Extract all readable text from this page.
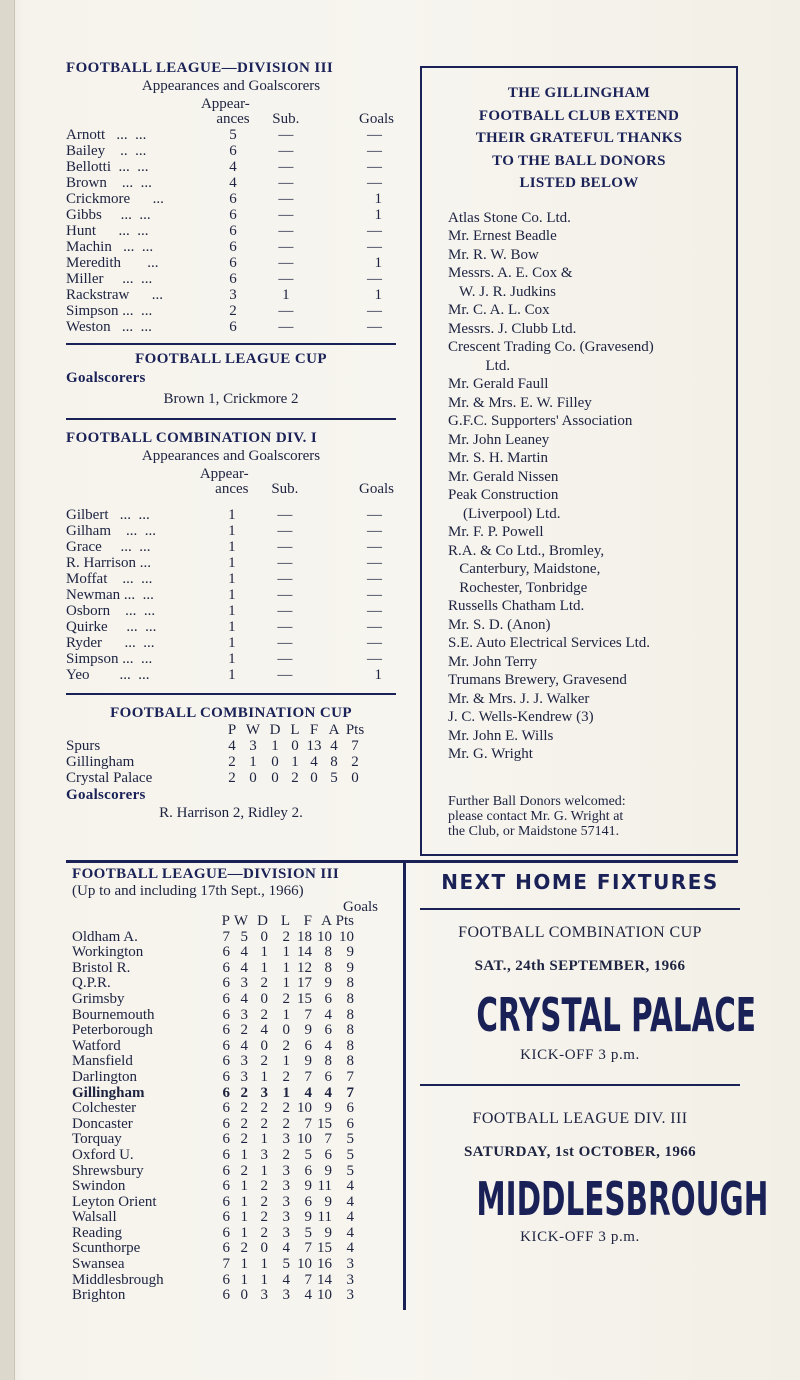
FOOTBALL LEAGUE—DIVISION III
Appearances and Goalscorers

	Appear-		

	ances	Sub.	Goals
Arnott   ...  ...	5	—	—
Bailey    ..  ...	6	—	—
Bellotti  ...  ...	4	—	—
Brown    ...  ...	4	—	—
Crickmore      ...	6	—	1
Gibbs     ...  ...	6	—	1
Hunt      ...  ...	6	—	—
Machin   ...  ...	6	—	—
Meredith       ...	6	—	1
Miller     ...  ...	6	—	—
Rackstraw      ...	3	1	1
Simpson ...  ...	2	—	—
Weston   ...  ...	6	—	—
FOOTBALL LEAGUE CUP
Goalscorers
Brown 1, Crickmore 2
FOOTBALL COMBINATION DIV. I
Appearances and Goalscorers

	Appear-		

	ances	Sub.	Goals

Gilbert   ...  ...	1	—	—
Gilham    ...  ...	1	—	—
Grace     ...  ...	1	—	—
R. Harrison ...	1	—	—
Moffat    ...  ...	1	—	—
Newman ...  ...	1	—	—
Osborn    ...  ...	1	—	—
Quirke     ...  ...	1	—	—
Ryder      ...  ...	1	—	—
Simpson ...  ...	1	—	—
Yeo        ...  ...	1	—	1
FOOTBALL COMBINATION CUP
	P	W	D	L	F	A	Pts
Spurs	4	3	1	0	13	4	7
Gillingham	2	1	0	1	4	8	2
Crystal Palace	2	0	0	2	0	5	0
Goalscorers
R. Harrison 2, Ridley 2.
THE GILLINGHAM
FOOTBALL CLUB EXTEND
THEIR GRATEFUL THANKS
TO THE BALL DONORS
LISTED BELOW
Atlas Stone Co. Ltd.
Mr. Ernest Beadle
Mr. R. W. Bow
Messrs. A. E. Cox &
W. J. R. Judkins
Mr. C. A. L. Cox
Messrs. J. Clubb Ltd.
Crescent Trading Co. (Gravesend)
Ltd.
Mr. Gerald Faull
Mr. & Mrs. E. W. Filley
G.F.C. Supporters' Association
Mr. John Leaney
Mr. S. H. Martin
Mr. Gerald Nissen
Peak Construction
(Liverpool) Ltd.
Mr. F. P. Powell
R.A. & Co Ltd., Bromley,
Canterbury, Maidstone,
Rochester, Tonbridge
Russells Chatham Ltd.
Mr. S. D. (Anon)
S.E. Auto Electrical Services Ltd.
Mr. John Terry
Trumans Brewery, Gravesend
Mr. & Mrs. J. J. Walker
J. C. Wells-Kendrew (3)
Mr. John E. Wills
Mr. G. Wright
Further Ball Donors welcomed:
please contact Mr. G. Wright at
the Club, or Maidstone 57141.
FOOTBALL LEAGUE—DIVISION III
(Up to and including 17th Sept., 1966)
Goals
	P	W	D	L	F	A	Pts
Oldham A.	7	5	0	2	18	10	10
Workington	6	4	1	1	14	8	9
Bristol R.	6	4	1	1	12	8	9
Q.P.R.	6	3	2	1	17	9	8
Grimsby	6	4	0	2	15	6	8
Bournemouth	6	3	2	1	7	4	8
Peterborough	6	2	4	0	9	6	8
Watford	6	4	0	2	6	4	8
Mansfield	6	3	2	1	9	8	8
Darlington	6	3	1	2	7	6	7
Gillingham	6	2	3	1	4	4	7
Colchester	6	2	2	2	10	9	6
Doncaster	6	2	2	2	7	15	6
Torquay	6	2	1	3	10	7	5
Oxford U.	6	1	3	2	5	6	5
Shrewsbury	6	2	1	3	6	9	5
Swindon	6	1	2	3	9	11	4
Leyton Orient	6	1	2	3	6	9	4
Walsall	6	1	2	3	9	11	4
Reading	6	1	2	3	5	9	4
Scunthorpe	6	2	0	4	7	15	4
Swansea	7	1	1	5	10	16	3
Middlesbrough	6	1	1	4	7	14	3
Brighton	6	0	3	3	4	10	3
NEXT HOME FIXTURES
FOOTBALL COMBINATION CUP
SAT., 24th SEPTEMBER, 1966
CRYSTAL PALACE
KICK-OFF 3 p.m.
FOOTBALL LEAGUE DIV. III
SATURDAY, 1st OCTOBER, 1966
MIDDLESBROUGH
KICK-OFF 3 p.m.
